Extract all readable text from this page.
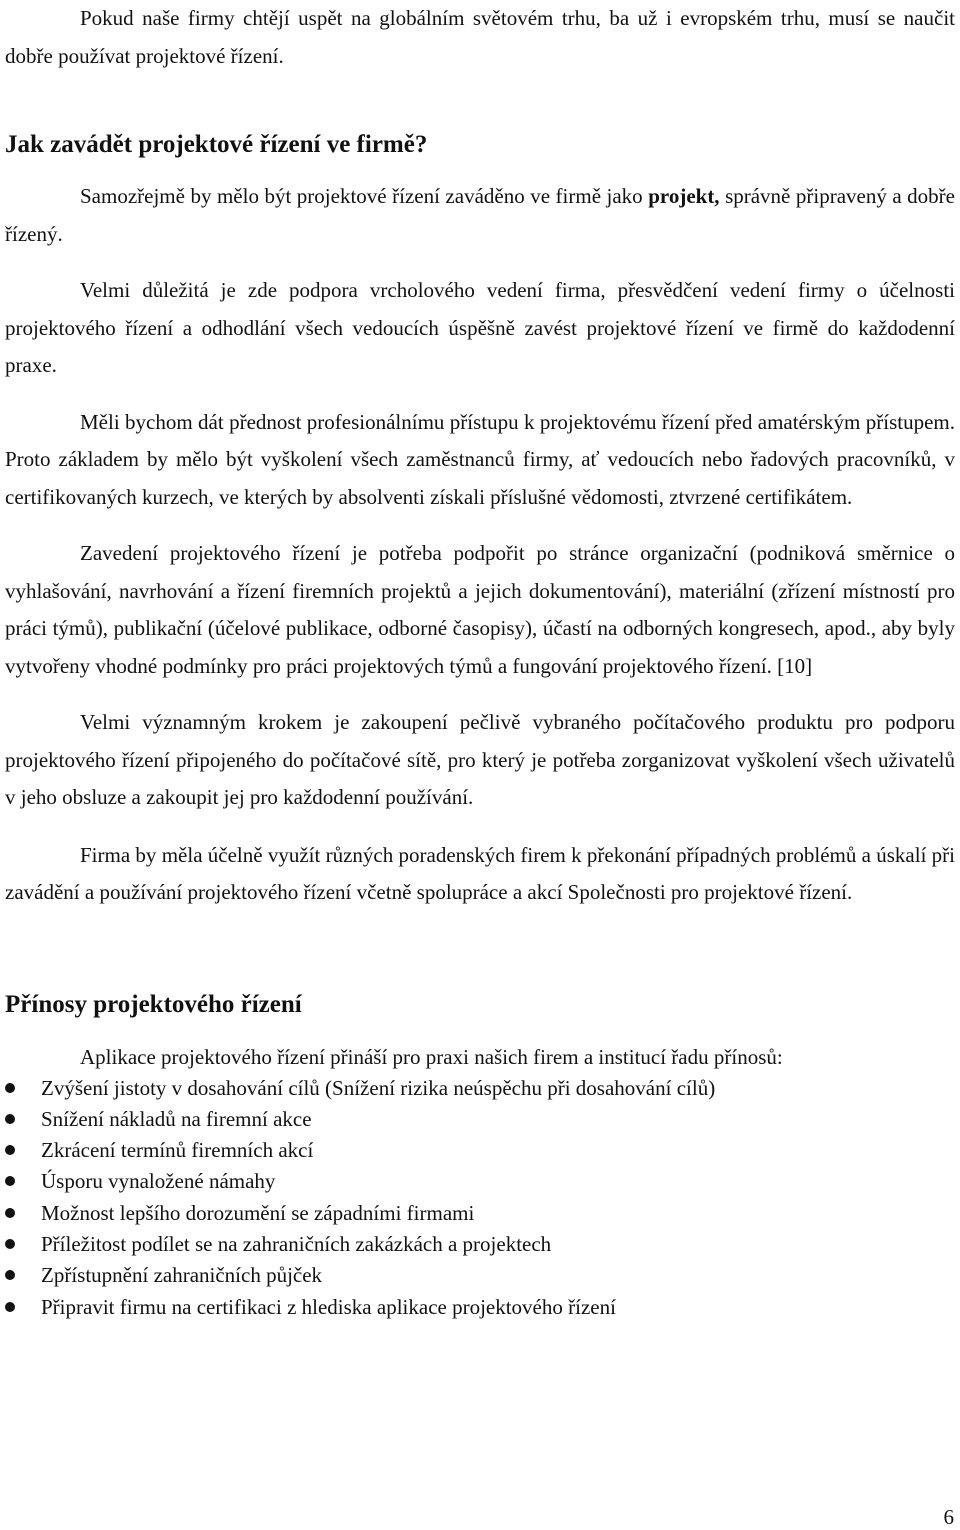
Pokud naše firmy chtějí uspět na globálním světovém trhu, ba už i evropském trhu, musí se naučit dobře používat projektové řízení.

Jak zavádět projektové řízení ve firmě?

Samozřejmě by mělo být projektové řízení zaváděno ve firmě jako projekt, správně připravený a dobře řízený.

Velmi důležitá je zde podpora vrcholového vedení firma, přesvědčení vedení firmy o účelnosti projektového řízení a odhodlání všech vedoucích úspěšně zavést projektové řízení ve firmě do každodenní praxe.

Měli bychom dát přednost profesionálnímu přístupu k projektovému řízení před amatérským přístupem. Proto základem by mělo být vyškolení všech zaměstnanců firmy, ať vedoucích nebo řadových pracovníků, v certifikovaných kurzech, ve kterých by absolventi získali příslušné vědomosti, ztvrzené certifikátem.

Zavedení projektového řízení je potřeba podpořit po stránce organizační (podniková směrnice o vyhlašování, navrhování a řízení firemních projektů a jejich dokumentování), materiální (zřízení místností pro práci týmů), publikační (účelové publikace, odborné časopisy), účastí na odborných kongresech, apod., aby byly vytvořeny vhodné podmínky pro práci projektových týmů a fungování projektového řízení. [10]

Velmi významným krokem je zakoupení pečlivě vybraného počítačového produktu pro podporu projektového řízení připojeného do počítačové sítě, pro který je potřeba zorganizovat vyškolení všech uživatelů v jeho obsluze a zakoupit jej pro každodenní používání.

Firma by měla účelně využít různých poradenských firem k překonání případných problémů a úskalí při zavádění a používání projektového řízení včetně spolupráce a akcí Společnosti pro projektové řízení.

Přínosy projektového řízení

Aplikace projektového řízení přináší pro praxi našich firem a institucí řadu přínosů:

Zvýšení jistoty v dosahování cílů (Snížení rizika neúspěchu při dosahování cílů)
Snížení nákladů na firemní akce
Zkrácení termínů firemních akcí
Úsporu vynaložené námahy
Možnost lepšího dorozumění se západními firmami
Příležitost podílet se na zahraničních zakázkách a projektech
Zpřístupnění zahraničních půjček
Připravit firmu na certifikaci z hlediska aplikace projektového řízení
6
